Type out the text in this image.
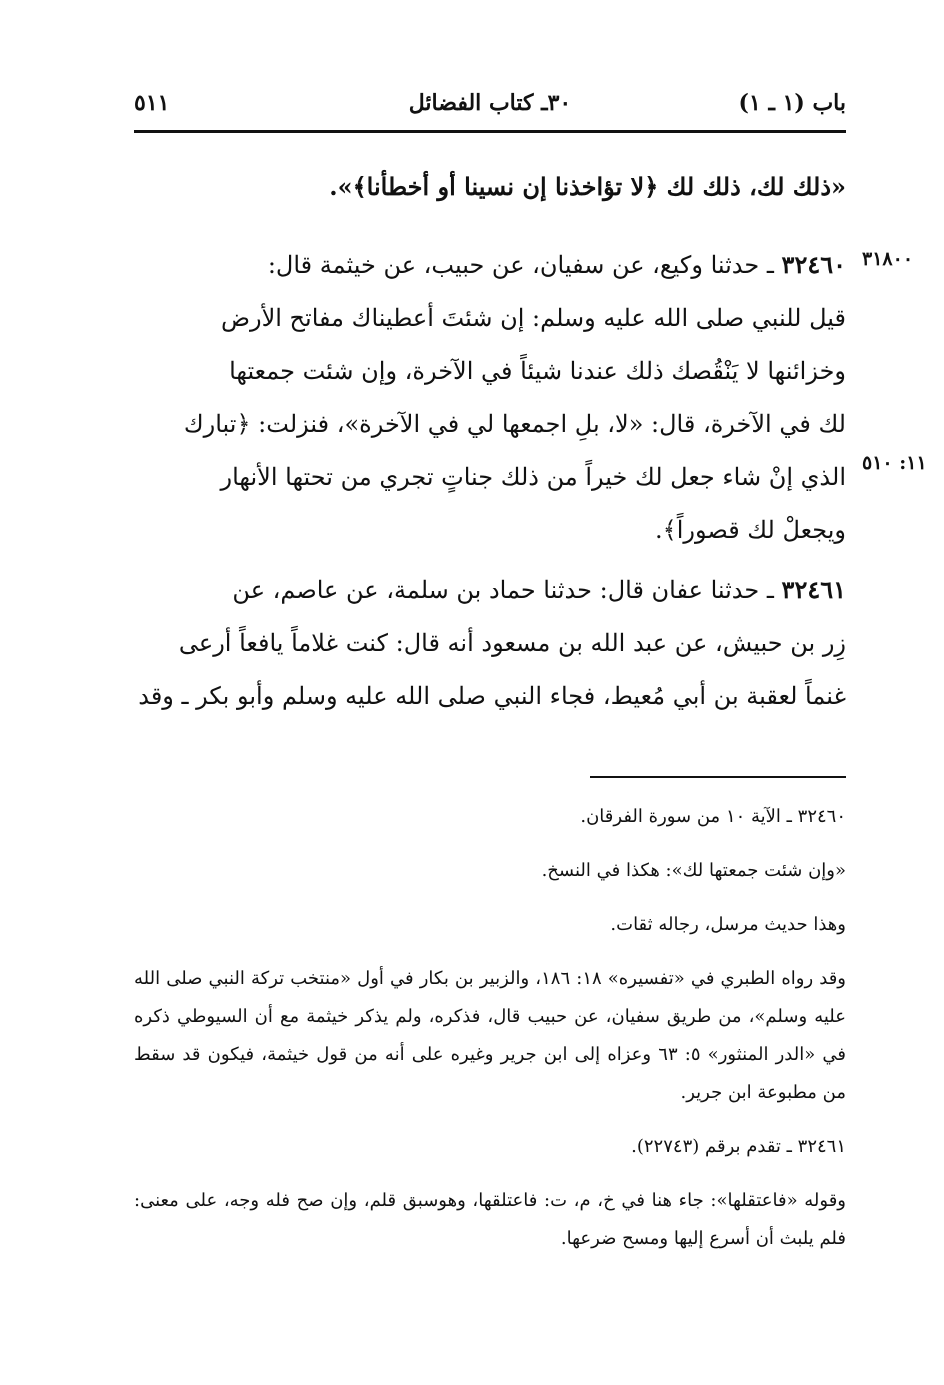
باب (١ ـ ١)
٣٠ـ كتاب الفضائل
٥١١

«ذلك لك، ذلك لك ﴿لا تؤاخذنا إن نسينا أو أخطأنا﴾».

٣١٨٠٠
١١: ٥١٠

٣٢٤٦٠ ـ حدثنا وكيع، عن سفيان، عن حبيب، عن خيثمة قال:

قيل للنبي صلى الله عليه وسلم: إن شئتَ أعطيناك مفاتح الأرض

وخزائنها لا يَنْقُصك ذلك عندنا شيئاً في الآخرة، وإن شئت جمعتها

لك في الآخرة، قال: «لا، بلِ اجمعها لي في الآخرة»، فنزلت: ﴿تبارك

الذي إنْ شاء جعل لك خيراً من ذلك جناتٍ تجري من تحتها الأنهار

ويجعلْ لك قصوراً﴾.

٣٢٤٦١ ـ حدثنا عفان قال: حدثنا حماد بن سلمة، عن عاصم، عن

زِر بن حبيش، عن عبد الله بن مسعود أنه قال: كنت غلاماً يافعاً أرعى

غنماً لعقبة بن أبي مُعيط، فجاء النبي صلى الله عليه وسلم وأبو بكر ـ وقد

٣٢٤٦٠ ـ الآية ١٠ من سورة الفرقان.

«وإن شئت جمعتها لك»: هكذا في النسخ.

وهذا حديث مرسل، رجاله ثقات.

وقد رواه الطبري في «تفسيره» ١٨: ١٨٦، والزبير بن بكار في أول «منتخب تركة النبي صلى الله عليه وسلم»، من طريق سفيان، عن حبيب قال، فذكره، ولم يذكر خيثمة مع أن السيوطي ذكره في «الدر المنثور» ٥: ٦٣ وعزاه إلى ابن جرير وغيره على أنه من قول خيثمة، فيكون قد سقط من مطبوعة ابن جرير.

٣٢٤٦١ ـ تقدم برقم (٢٢٧٤٣).

وقوله «فاعتقلها»: جاء هنا في خ، م، ت: فاعتلقها، وهوسبق قلم، وإن صح فله وجه، على معنى: فلم يلبث أن أسرع إليها ومسح ضرعها.
